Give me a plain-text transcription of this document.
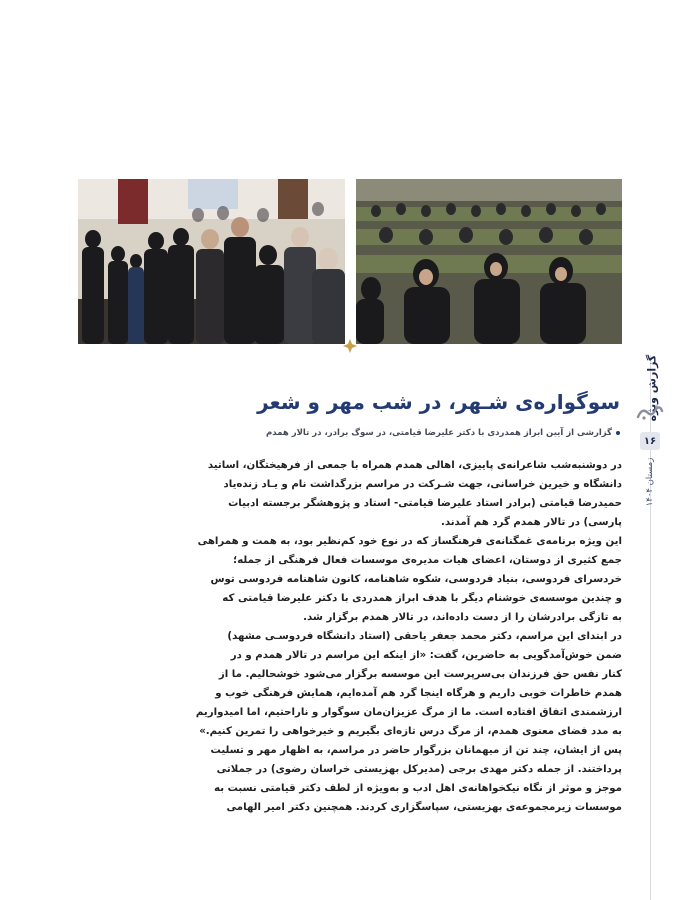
گزارش ویژه
۱۶
زمستان ۱۴۰۴
سوگواره‌ی شـهر، در شب مهر و شعر
گزارشی از آیین ابراز همدردی با دکتر علیرضا قیامتی، در سوگ برادر، در تالار همدم
در دوشنبه‌شب شاعرانه‌ی پاییزی، اهالی همدم همراه با جمعی از فرهیختگان، اساتید
دانشگاه و خیرین خراسانی، جهت شـرکت در مراسم بزرگداشت نام و یـاد زنده‌یاد
حمیدرضا قیامتی (برادر استاد علیرضا قیامتی- استاد و پژوهشگر برجسته ادبیات
پارسی) در تالار همدم گرد هم آمدند.
این ویژه برنامه‌ی غمگنانه‌ی فرهنگساز که در نوع خود کم‌نظیر بود، به همت و همراهی
جمع کثیری از دوستان، اعضای هیات مدیره‌ی موسسات فعال فرهنگی از جمله؛
خردسرای فردوسی، بنیاد فردوسی، شکوه شاهنامه، کانون شاهنامه فردوسی توس
و چندین موسسه‌ی خوشنام دیگر با هدف ابراز همدردی با دکتر علیرضا قیامتی که
به تازگی برادرشان را از دست داده‌اند، در تالار همدم برگزار شد.
در ابتدای این مراسم، دکتر محمد جعفر یاحقی (استاد دانشگاه فردوسـی مشهد)
ضمن خوش‌آمدگویی به حاضرین، گفت: «از اینکه این مراسم در تالار همدم و در
کنار نفس حق فرزندان بی‌سرپرست این موسسه برگزار می‌شود خوشحالیم. ما از
همدم خاطرات خوبی داریم و هرگاه اینجا گرد هم آمده‌ایم، همایش فرهنگی خوب و
ارزشمندی اتفاق افتاده است. ما از مرگ عزیزان‌مان سوگوار و ناراحتیم، اما امیدواریم
به مدد فضای معنوی همدم، از مرگ درس تازه‌ای بگیریم و خیرخواهی را تمرین کنیم.»
پس از ایشان، چند تن از میهمانان بزرگوار حاضر در مراسم، به اظهار مهر و تسلیت
پرداختند. از جمله دکتر مهدی برجی (مدیرکل بهزیستی خراسان رضوی) در جملاتی
موجز و موثر از نگاه نیکخواهانه‌ی اهل ادب و به‌ویژه از لطف دکتر قیامتی نسبت به
موسسات زیرمجموعه‌ی بهزیستی، سپاسگزاری کردند. همچنین دکتر امیر الهامی
